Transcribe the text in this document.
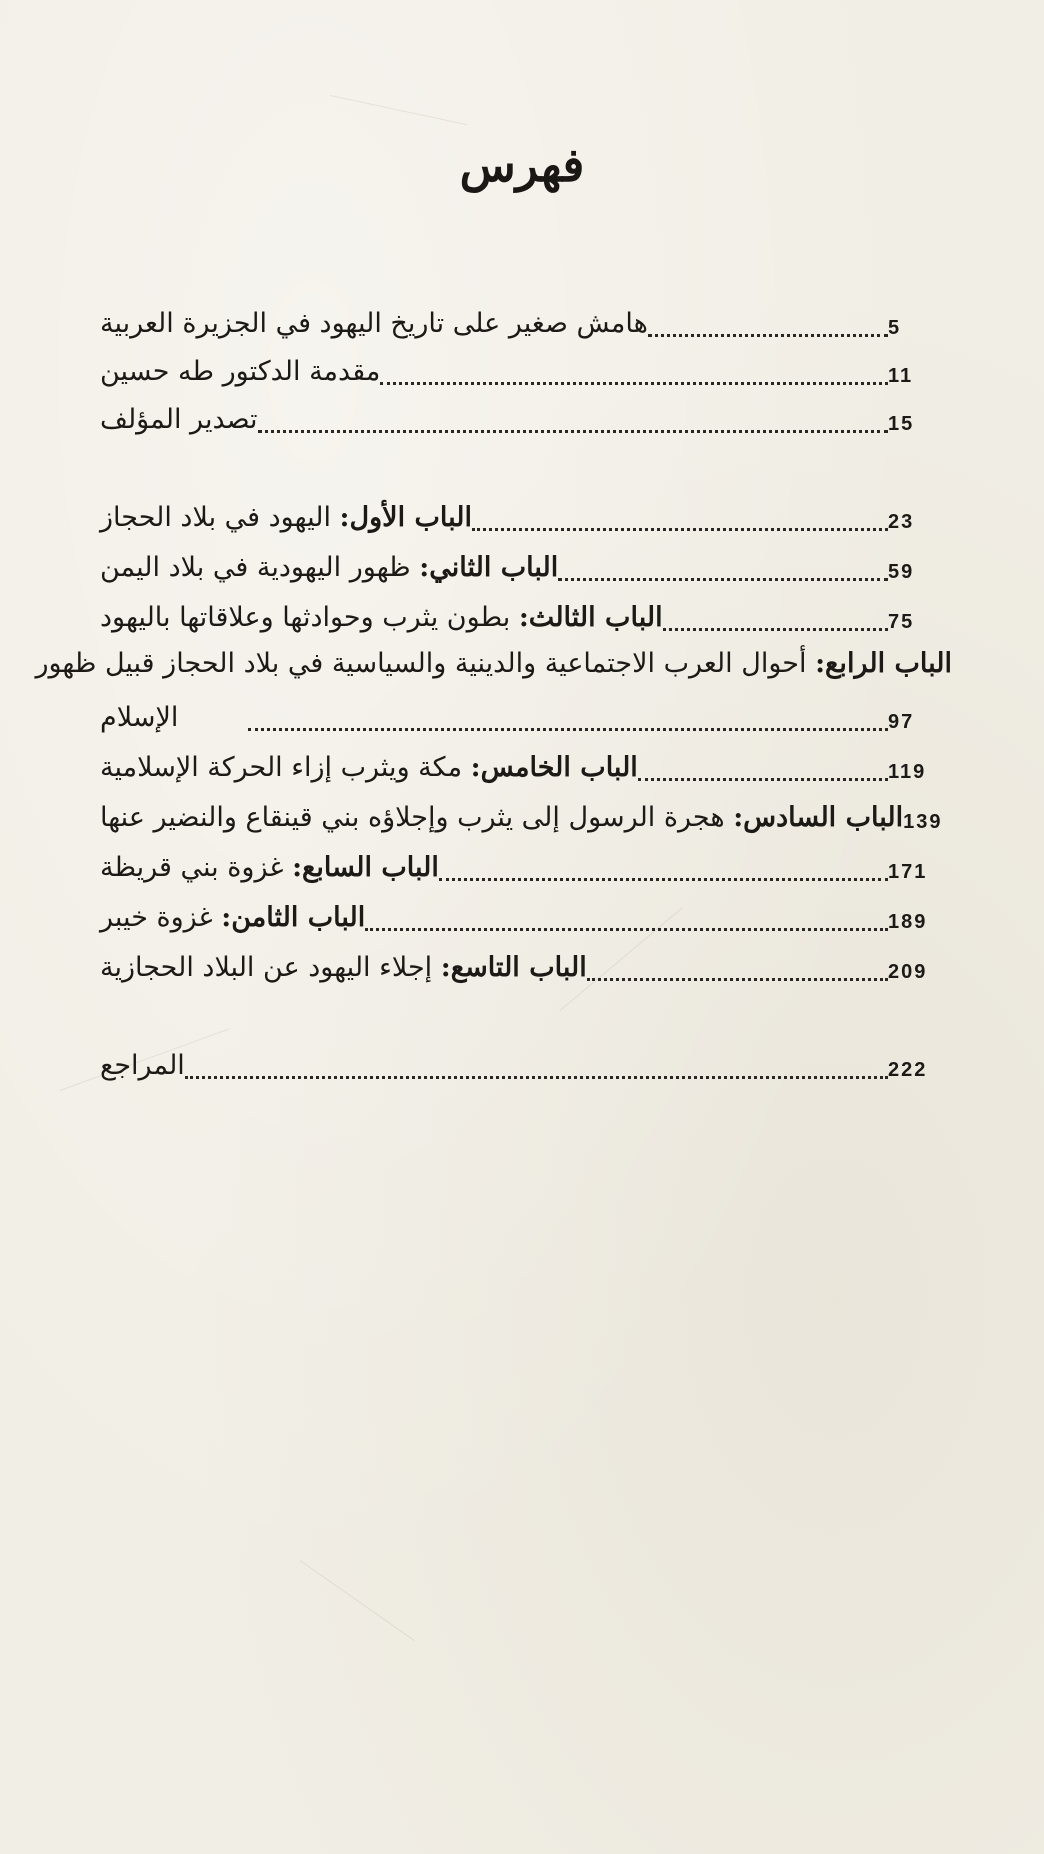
فهرس
هامش صغير على تاريخ اليهود في الجزيرة العربية	5
مقدمة الدكتور طه حسين	11
تصدير المؤلف	15
الباب الأول: اليهود في بلاد الحجاز	23
الباب الثاني: ظهور اليهودية في بلاد اليمن	59
الباب الثالث: بطون يثرب وحوادثها وعلاقاتها باليهود	75
الباب الرابع: أحوال العرب الاجتماعية والدينية والسياسية في بلاد الحجاز قبيل ظهور
الإسلام	97
الباب الخامس: مكة ويثرب إزاء الحركة الإسلامية	119
الباب السادس: هجرة الرسول إلى يثرب وإجلاؤه بني قينقاع والنضير عنها	139
الباب السابع: غزوة بني قريظة	171
الباب الثامن: غزوة خيبر	189
الباب التاسع: إجلاء اليهود عن البلاد الحجازية	209
المراجع	222
